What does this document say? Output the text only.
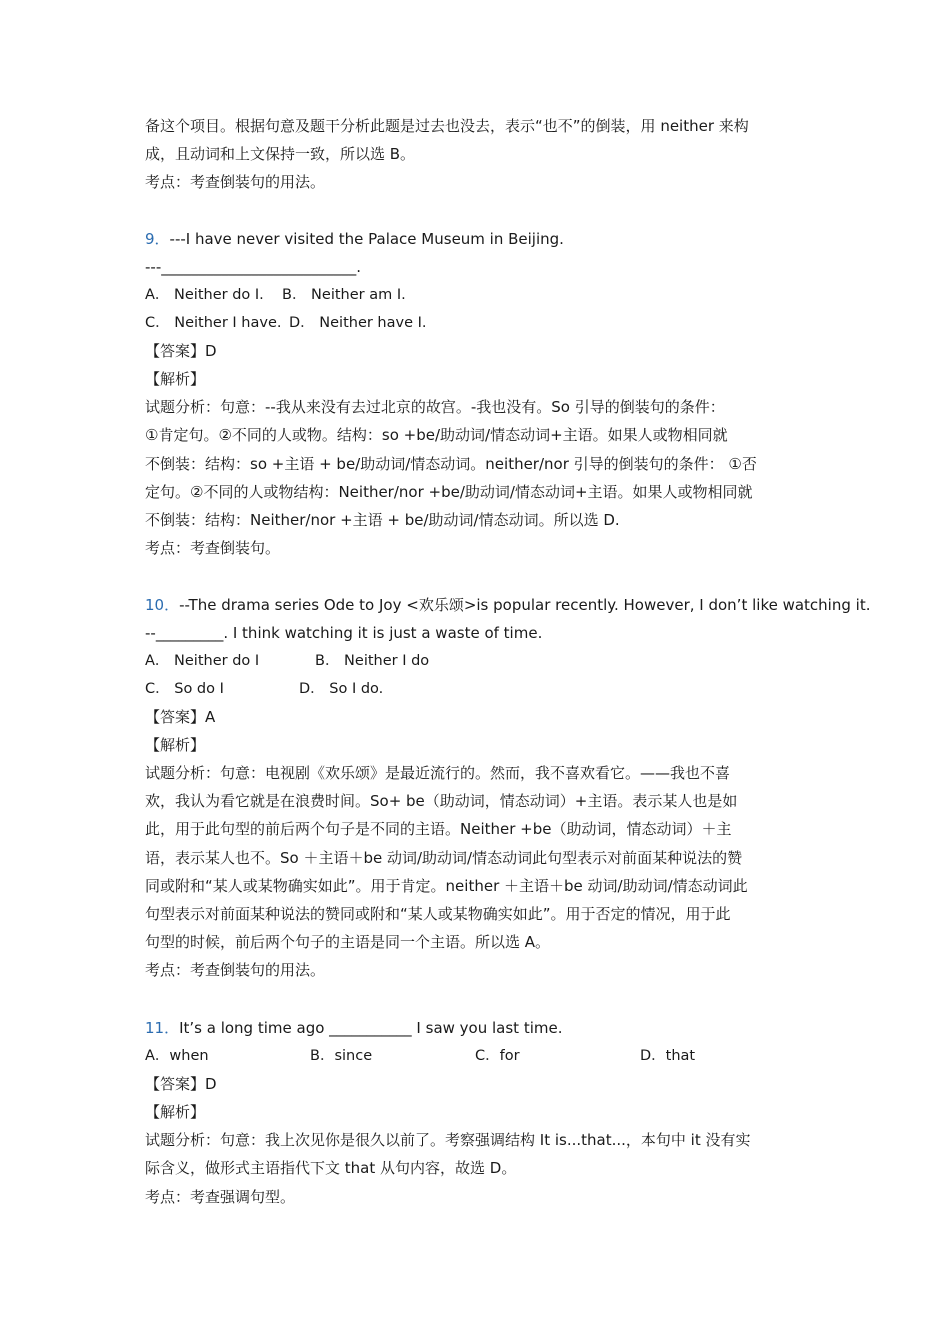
备这个项目。根据句意及题干分析此题是过去也没去，表示“也不”的倒装，用 neither 来构
成，且动词和上文保持一致，所以选 B。
考点：考查倒装句的用法。
9．---I have never visited the Palace Museum in Beijing.
---__________________________.
A． Neither do I. B． Neither am I.
C． Neither I have. D． Neither have I.
【答案】D
【解析】
试题分析：句意：--我从来没有去过北京的故宫。-我也没有。So 引导的倒装句的条件：
①肯定句。②不同的人或物。结构：so +be/助动词/情态动词+主语。如果人或物相同就
不倒装：结构：so +主语 + be/助动词/情态动词。neither/nor 引导的倒装句的条件： ①否
定句。②不同的人或物结构：Neither/nor +be/助动词/情态动词+主语。如果人或物相同就
不倒装：结构：Neither/nor +主语 + be/助动词/情态动词。所以选 D.
考点：考查倒装句。
10．--The drama series Ode to Joy <欢乐颂>is popular recently. However, I don’t like watching it.
--_________. I think watching it is just a waste of time.
A． Neither do I	B． Neither I do
C． So do I	D． So I do.
【答案】A
【解析】
试题分析：句意：电视剧《欢乐颂》是最近流行的。然而，我不喜欢看它。——我也不喜
欢，我认为看它就是在浪费时间。So+ be（助动词，情态动词）+主语。表示某人也是如
此，用于此句型的前后两个句子是不同的主语。Neither +be（助动词，情态动词）＋主
语，表示某人也不。So ＋主语＋be 动词/助动词/情态动词此句型表示对前面某种说法的赞
同或附和“某人或某物确实如此”。用于肯定。neither ＋主语＋be 动词/助动词/情态动词此
句型表示对前面某种说法的赞同或附和“某人或某物确实如此”。用于否定的情况，用于此
句型的时候，前后两个句子的主语是同一个主语。所以选 A。
考点：考查倒装句的用法。
11．It’s a long time ago ___________ I saw you last time.
A．when	B．since	C．for	D．that
【答案】D
【解析】
试题分析：句意：我上次见你是很久以前了。考察强调结构 It is...that...，本句中 it 没有实
际含义，做形式主语指代下文 that 从句内容，故选 D。
考点：考查强调句型。
